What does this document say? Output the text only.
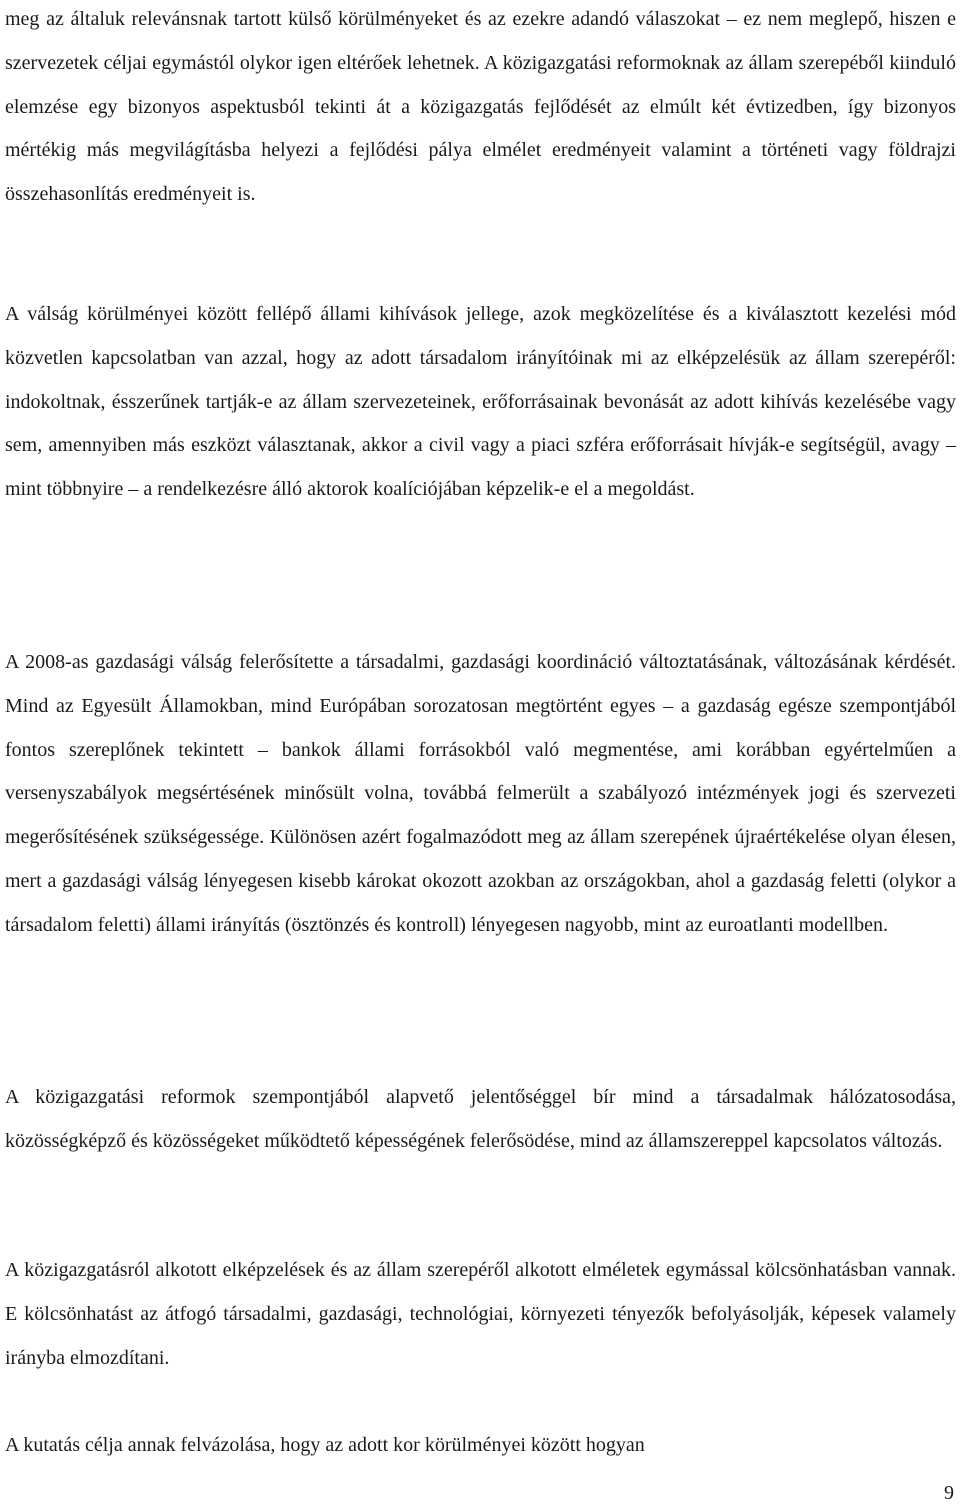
meg az általuk relevánsnak tartott külső körülményeket és az ezekre adandó válaszokat – ez nem meglepő, hiszen e szervezetek céljai egymástól olykor igen eltérőek lehetnek. A közigazgatási reformoknak az állam szerepéből kiinduló elemzése egy bizonyos aspektusból tekinti át a közigazgatás fejlődését az elmúlt két évtizedben, így bizonyos mértékig más megvilágításba helyezi a fejlődési pálya elmélet eredményeit valamint a történeti vagy földrajzi összehasonlítás eredményeit is.

A válság körülményei között fellépő állami kihívások jellege, azok megközelítése és a kiválasztott kezelési mód közvetlen kapcsolatban van azzal, hogy az adott társadalom irányítóinak mi az elképzelésük az állam szerepéről: indokoltnak, ésszerűnek tartják-e az állam szervezeteinek, erőforrásainak bevonását az adott kihívás kezelésébe vagy sem, amennyiben más eszközt választanak, akkor a civil vagy a piaci szféra erőforrásait hívják-e segítségül, avagy – mint többnyire – a rendelkezésre álló aktorok koalíciójában képzelik-e el a megoldást.

A 2008-as gazdasági válság felerősítette a társadalmi, gazdasági koordináció változtatásának, változásának kérdését. Mind az Egyesült Államokban, mind Európában sorozatosan megtörtént egyes – a gazdaság egésze szempontjából fontos szereplőnek tekintett – bankok állami forrásokból való megmentése, ami korábban egyértelműen a versenyszabályok megsértésének minősült volna, továbbá felmerült a szabályozó intézmények jogi és szervezeti megerősítésének szükségessége. Különösen azért fogalmazódott meg az állam szerepének újraértékelése olyan élesen, mert a gazdasági válság lényegesen kisebb károkat okozott azokban az országokban, ahol a gazdaság feletti (olykor a társadalom feletti) állami irányítás (ösztönzés és kontroll) lényegesen nagyobb, mint az euroatlanti modellben.

A közigazgatási reformok szempontjából alapvető jelentőséggel bír mind a társadalmak hálózatosodása, közösségképző és közösségeket működtető képességének felerősödése, mind az államszereppel kapcsolatos változás.

A közigazgatásról alkotott elképzelések és az állam szerepéről alkotott elméletek egymással kölcsönhatásban vannak. E kölcsönhatást az átfogó társadalmi, gazdasági, technológiai, környezeti tényezők befolyásolják, képesek valamely irányba elmozdítani.

A kutatás célja annak felvázolása, hogy az adott kor körülményei között hogyan

9
